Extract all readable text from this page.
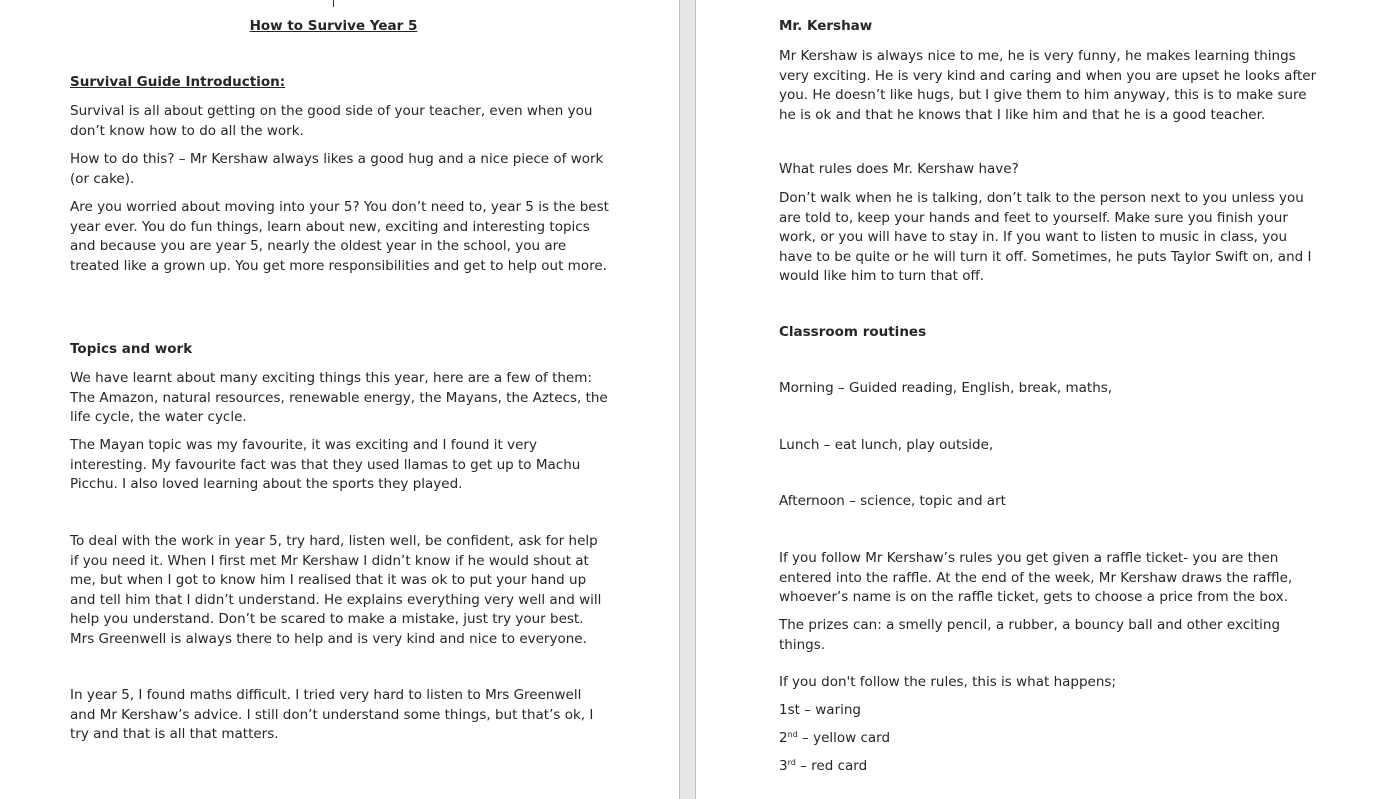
How to Survive Year 5

Survival Guide Introduction:

Survival is all about getting on the good side of your teacher, even when you don’t know how to do all the work.

How to do this? – Mr Kershaw always likes a good hug and a nice piece of work (or cake).

Are you worried about moving into your 5? You don’t need to, year 5 is the best year ever. You do fun things, learn about new, exciting and interesting topics and because you are year 5, nearly the oldest year in the school, you are treated like a grown up. You get more responsibilities and get to help out more.

Topics and work

We have learnt about many exciting things this year, here are a few of them: The Amazon, natural resources, renewable energy, the Mayans, the Aztecs, the life cycle, the water cycle.

The Mayan topic was my favourite, it was exciting and I found it very interesting. My favourite fact was that they used llamas to get up to Machu Picchu. I also loved learning about the sports they played.

To deal with the work in year 5, try hard, listen well, be confident, ask for help if you need it. When I first met Mr Kershaw I didn’t know if he would shout at me, but when I got to know him I realised that it was ok to put your hand up and tell him that I didn’t understand. He explains everything very well and will help you understand. Don’t be scared to make a mistake, just try your best. Mrs Greenwell is always there to help and is very kind and nice to everyone.

In year 5, I found maths difficult. I tried very hard to listen to Mrs Greenwell and Mr Kershaw’s advice. I still don’t understand some things, but that’s ok, I try and that is all that matters.

Mr. Kershaw

Mr Kershaw is always nice to me, he is very funny, he makes learning things very exciting. He is very kind and caring and when you are upset he looks after you. He doesn’t like hugs, but I give them to him anyway, this is to make sure he is ok and that he knows that I like him and that he is a good teacher.

What rules does Mr. Kershaw have?

Don’t walk when he is talking, don’t talk to the person next to you unless you are told to, keep your hands and feet to yourself. Make sure you finish your work, or you will have to stay in. If you want to listen to music in class, you have to be quite or he will turn it off. Sometimes, he puts Taylor Swift on, and I would like him to turn that off.

Classroom routines

Morning – Guided reading, English, break, maths,

Lunch – eat lunch, play outside,

Afternoon – science, topic and art

If you follow Mr Kershaw’s rules you get given a raffle ticket- you are then entered into the raffle. At the end of the week, Mr Kershaw draws the raffle, whoever’s name is on the raffle ticket, gets to choose a price from the box.

The prizes can: a smelly pencil, a rubber, a bouncy ball and other exciting things.

If you don't follow the rules, this is what happens;

1st – waring

2nd – yellow card

3rd – red card
